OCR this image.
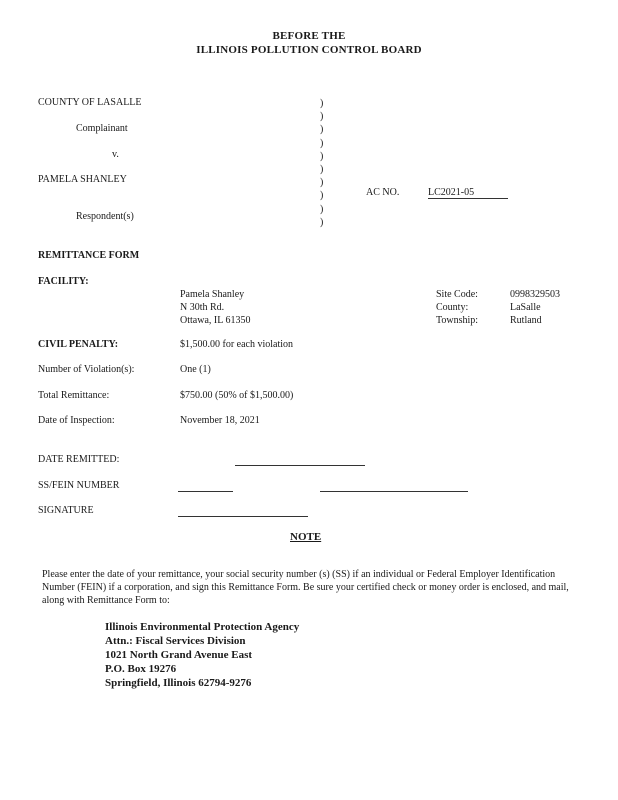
BEFORE THE
ILLINOIS POLLUTION CONTROL BOARD
COUNTY OF LASALLE
Complainant
v.
PAMELA SHANLEY
Respondent(s)
)
)
)
)
)
)
)
)
)
)
AC NO.	LC2021-05
REMITTANCE FORM
FACILITY:
Pamela Shanley
N 30th Rd.
Ottawa, IL 61350
Site Code:	0998329503
County:	LaSalle
Township:	Rutland
CIVIL PENALTY:	$1,500.00 for each violation
Number of Violation(s):	One (1)
Total Remittance:	$750.00 (50% of $1,500.00)
Date of Inspection:	November 18, 2021
DATE REMITTED:
SS/FEIN NUMBER
SIGNATURE
NOTE
Please enter the date of your remittance, your social security number (s) (SS) if an individual or Federal Employer Identification Number (FEIN) if a corporation, and sign this Remittance Form. Be sure your certified check or money order is enclosed, and mail, along with Remittance Form to:
Illinois Environmental Protection Agency
Attn.: Fiscal Services Division
1021 North Grand Avenue East
P.O. Box 19276
Springfield, Illinois 62794-9276
